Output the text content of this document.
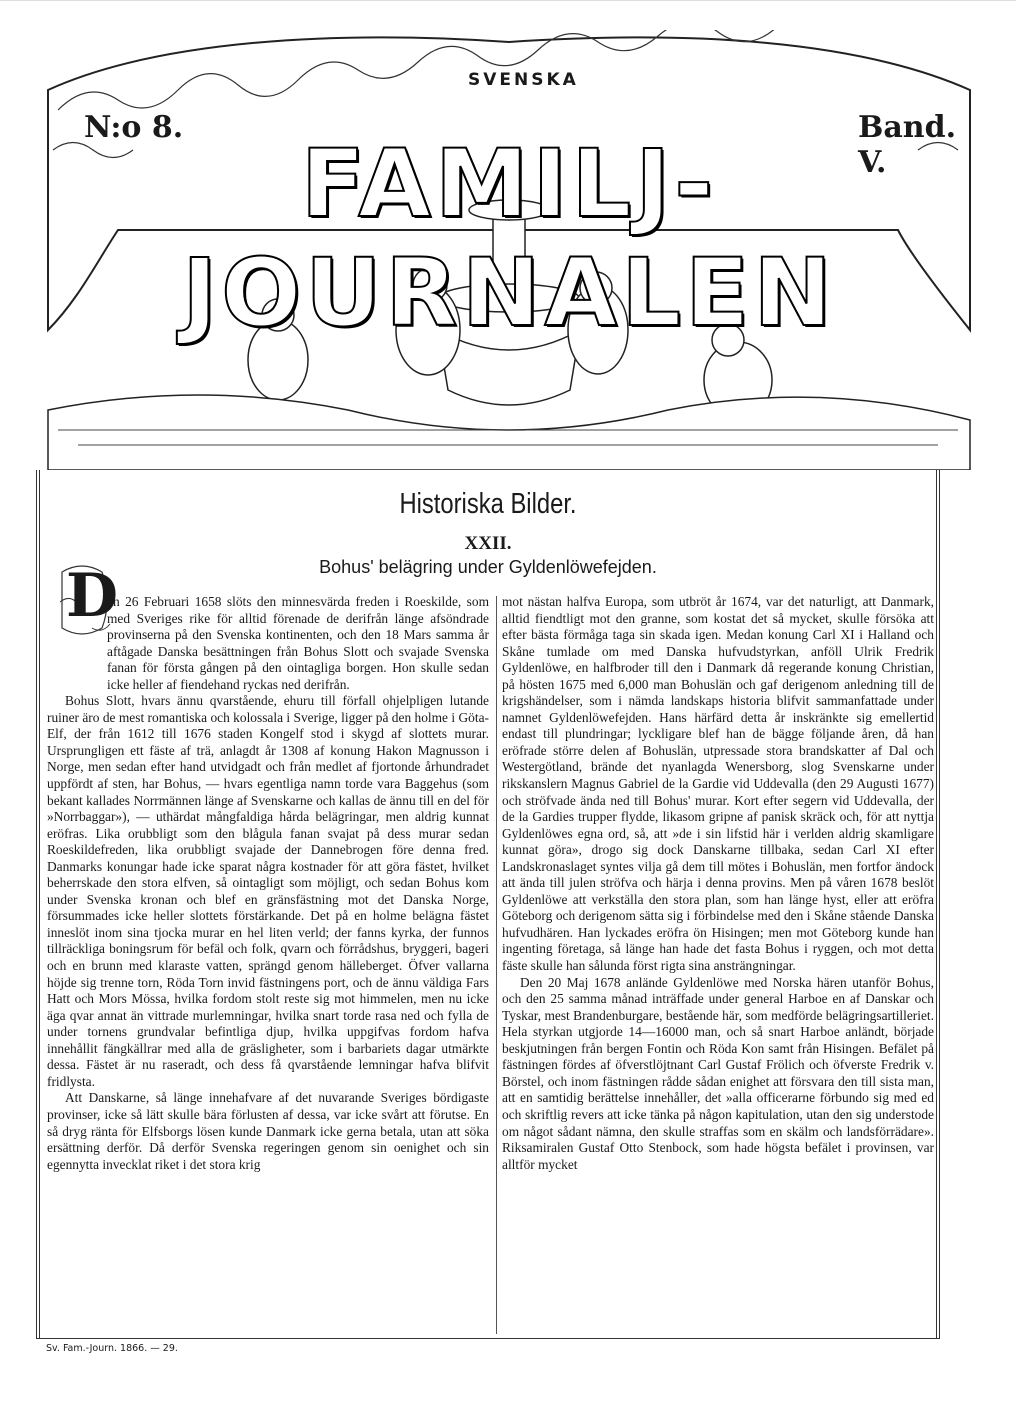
SVENSKA
N:o 8.	Band. V.
FAMILJ-JOURNALEN
Historiska Bilder.
XXII.
Bohus' belägring under Gyldenlöwefejden.
D

en 26 Februari 1658 slöts den minnesvärda freden i Roeskilde, som med Sveriges rike för alltid förenade de derifrån länge afsöndrade provinserna på den Svenska kontinenten, och den 18 Mars samma år aftågade Danska besättningen från Bohus Slott och svajade Svenska fanan för första gången på den ointagliga borgen. Hon skulle sedan icke heller af fiendehand ryckas ned derifrån.

Bohus Slott, hvars ännu qvarstående, ehuru till förfall ohjelpligen lutande ruiner äro de mest romantiska och kolossala i Sverige, ligger på den holme i Göta-Elf, der från 1612 till 1676 staden Kongelf stod i skygd af slottets murar. Ursprungligen ett fäste af trä, anlagdt år 1308 af konung Hakon Magnusson i Norge, men sedan efter hand utvidgadt och från medlet af fjortonde århundradet uppfördt af sten, har Bohus, — hvars egentliga namn torde vara Baggehus (som bekant kallades Norrmännen länge af Svenskarne och kallas de ännu till en del för »Norrbaggar»), — uthärdat mångfaldiga hårda belägringar, men aldrig kunnat eröfras. Lika orubbligt som den blågula fanan svajat på dess murar sedan Roeskildefreden, lika orubbligt svajade der Dannebrogen före denna fred. Danmarks konungar hade icke sparat några kostnader för att göra fästet, hvilket beherrskade den stora elfven, så ointagligt som möjligt, och sedan Bohus kom under Svenska kronan och blef en gränsfästning mot det Danska Norge, försummades icke heller slottets förstärkande. Det på en holme belägna fästet inneslöt inom sina tjocka murar en hel liten verld; der fanns kyrka, der funnos tillräckliga boningsrum för befäl och folk, qvarn och förrådshus, bryggeri, bageri och en brunn med klaraste vatten, sprängd genom hälleberget. Öfver vallarna höjde sig trenne torn, Röda Torn invid fästningens port, och de ännu väldiga Fars Hatt och Mors Mössa, hvilka fordom stolt reste sig mot himmelen, men nu icke äga qvar annat än vittrade murlemningar, hvilka snart torde rasa ned och fylla de under tornens grundvalar befintliga djup, hvilka uppgifvas fordom hafva innehållit fängkällrar med alla de gräsligheter, som i barbariets dagar utmärkte dessa. Fästet är nu raseradt, och dess få qvarstående lemningar hafva blifvit fridlysta.

Att Danskarne, så länge innehafvare af det nuvarande Sveriges bördigaste provinser, icke så lätt skulle bära förlusten af dessa, var icke svårt att förutse. En så dryg ränta för Elfsborgs lösen kunde Danmark icke gerna betala, utan att söka ersättning derför. Då derför Svenska regeringen genom sin oenighet och sin egennytta invecklat riket i det stora krig

mot nästan halfva Europa, som utbröt år 1674, var det naturligt, att Danmark, alltid fiendtligt mot den granne, som kostat det så mycket, skulle försöka att efter bästa förmåga taga sin skada igen. Medan konung Carl XI i Halland och Skåne tumlade om med Danska hufvudstyrkan, anföll Ulrik Fredrik Gyldenlöwe, en halfbroder till den i Danmark då regerande konung Christian, på hösten 1675 med 6,000 man Bohuslän och gaf derigenom anledning till de krigshändelser, som i nämda landskaps historia blifvit sammanfattade under namnet Gyldenlöwefejden. Hans härfärd detta år inskränkte sig emellertid endast till plundringar; lyckligare blef han de bägge följande åren, då han eröfrade större delen af Bohuslän, utpressade stora brandskatter af Dal och Westergötland, brände det nyanlagda Wenersborg, slog Svenskarne under rikskanslern Magnus Gabriel de la Gardie vid Uddevalla (den 29 Augusti 1677) och ströfvade ända ned till Bohus' murar. Kort efter segern vid Uddevalla, der de la Gardies trupper flydde, likasom gripne af panisk skräck och, för att nyttja Gyldenlöwes egna ord, så, att »de i sin lifstid här i verlden aldrig skamligare kunnat göra», drogo sig dock Danskarne tillbaka, sedan Carl XI efter Landskronaslaget syntes vilja gå dem till mötes i Bohuslän, men fortfor ändock att ända till julen ströfva och härja i denna provins. Men på våren 1678 beslöt Gyldenlöwe att verkställa den stora plan, som han länge hyst, eller att eröfra Göteborg och derigenom sätta sig i förbindelse med den i Skåne stående Danska hufvudhären. Han lyckades eröfra ön Hisingen; men mot Göteborg kunde han ingenting företaga, så länge han hade det fasta Bohus i ryggen, och mot detta fäste skulle han sålunda först rigta sina ansträngningar.

Den 20 Maj 1678 anlände Gyldenlöwe med Norska hären utanför Bohus, och den 25 samma månad inträffade under general Harboe en af Danskar och Tyskar, mest Brandenburgare, bestående här, som medförde belägringsartilleriet. Hela styrkan utgjorde 14—16000 man, och så snart Harboe anländt, började beskjutningen från bergen Fontin och Röda Kon samt från Hisingen. Befälet på fästningen fördes af öfverstlöjtnant Carl Gustaf Frölich och öfverste Fredrik v. Börstel, och inom fästningen rådde sådan enighet att försvara den till sista man, att en samtidig berättelse innehåller, det »alla officerarne förbundo sig med ed och skriftlig revers att icke tänka på någon kapitulation, utan den sig understode om något sådant nämna, den skulle straffas som en skälm och landsförrädare». Riksamiralen Gustaf Otto Stenbock, som hade högsta befälet i provinsen, var alltför mycket

Sv. Fam.-Journ. 1866. — 29.
